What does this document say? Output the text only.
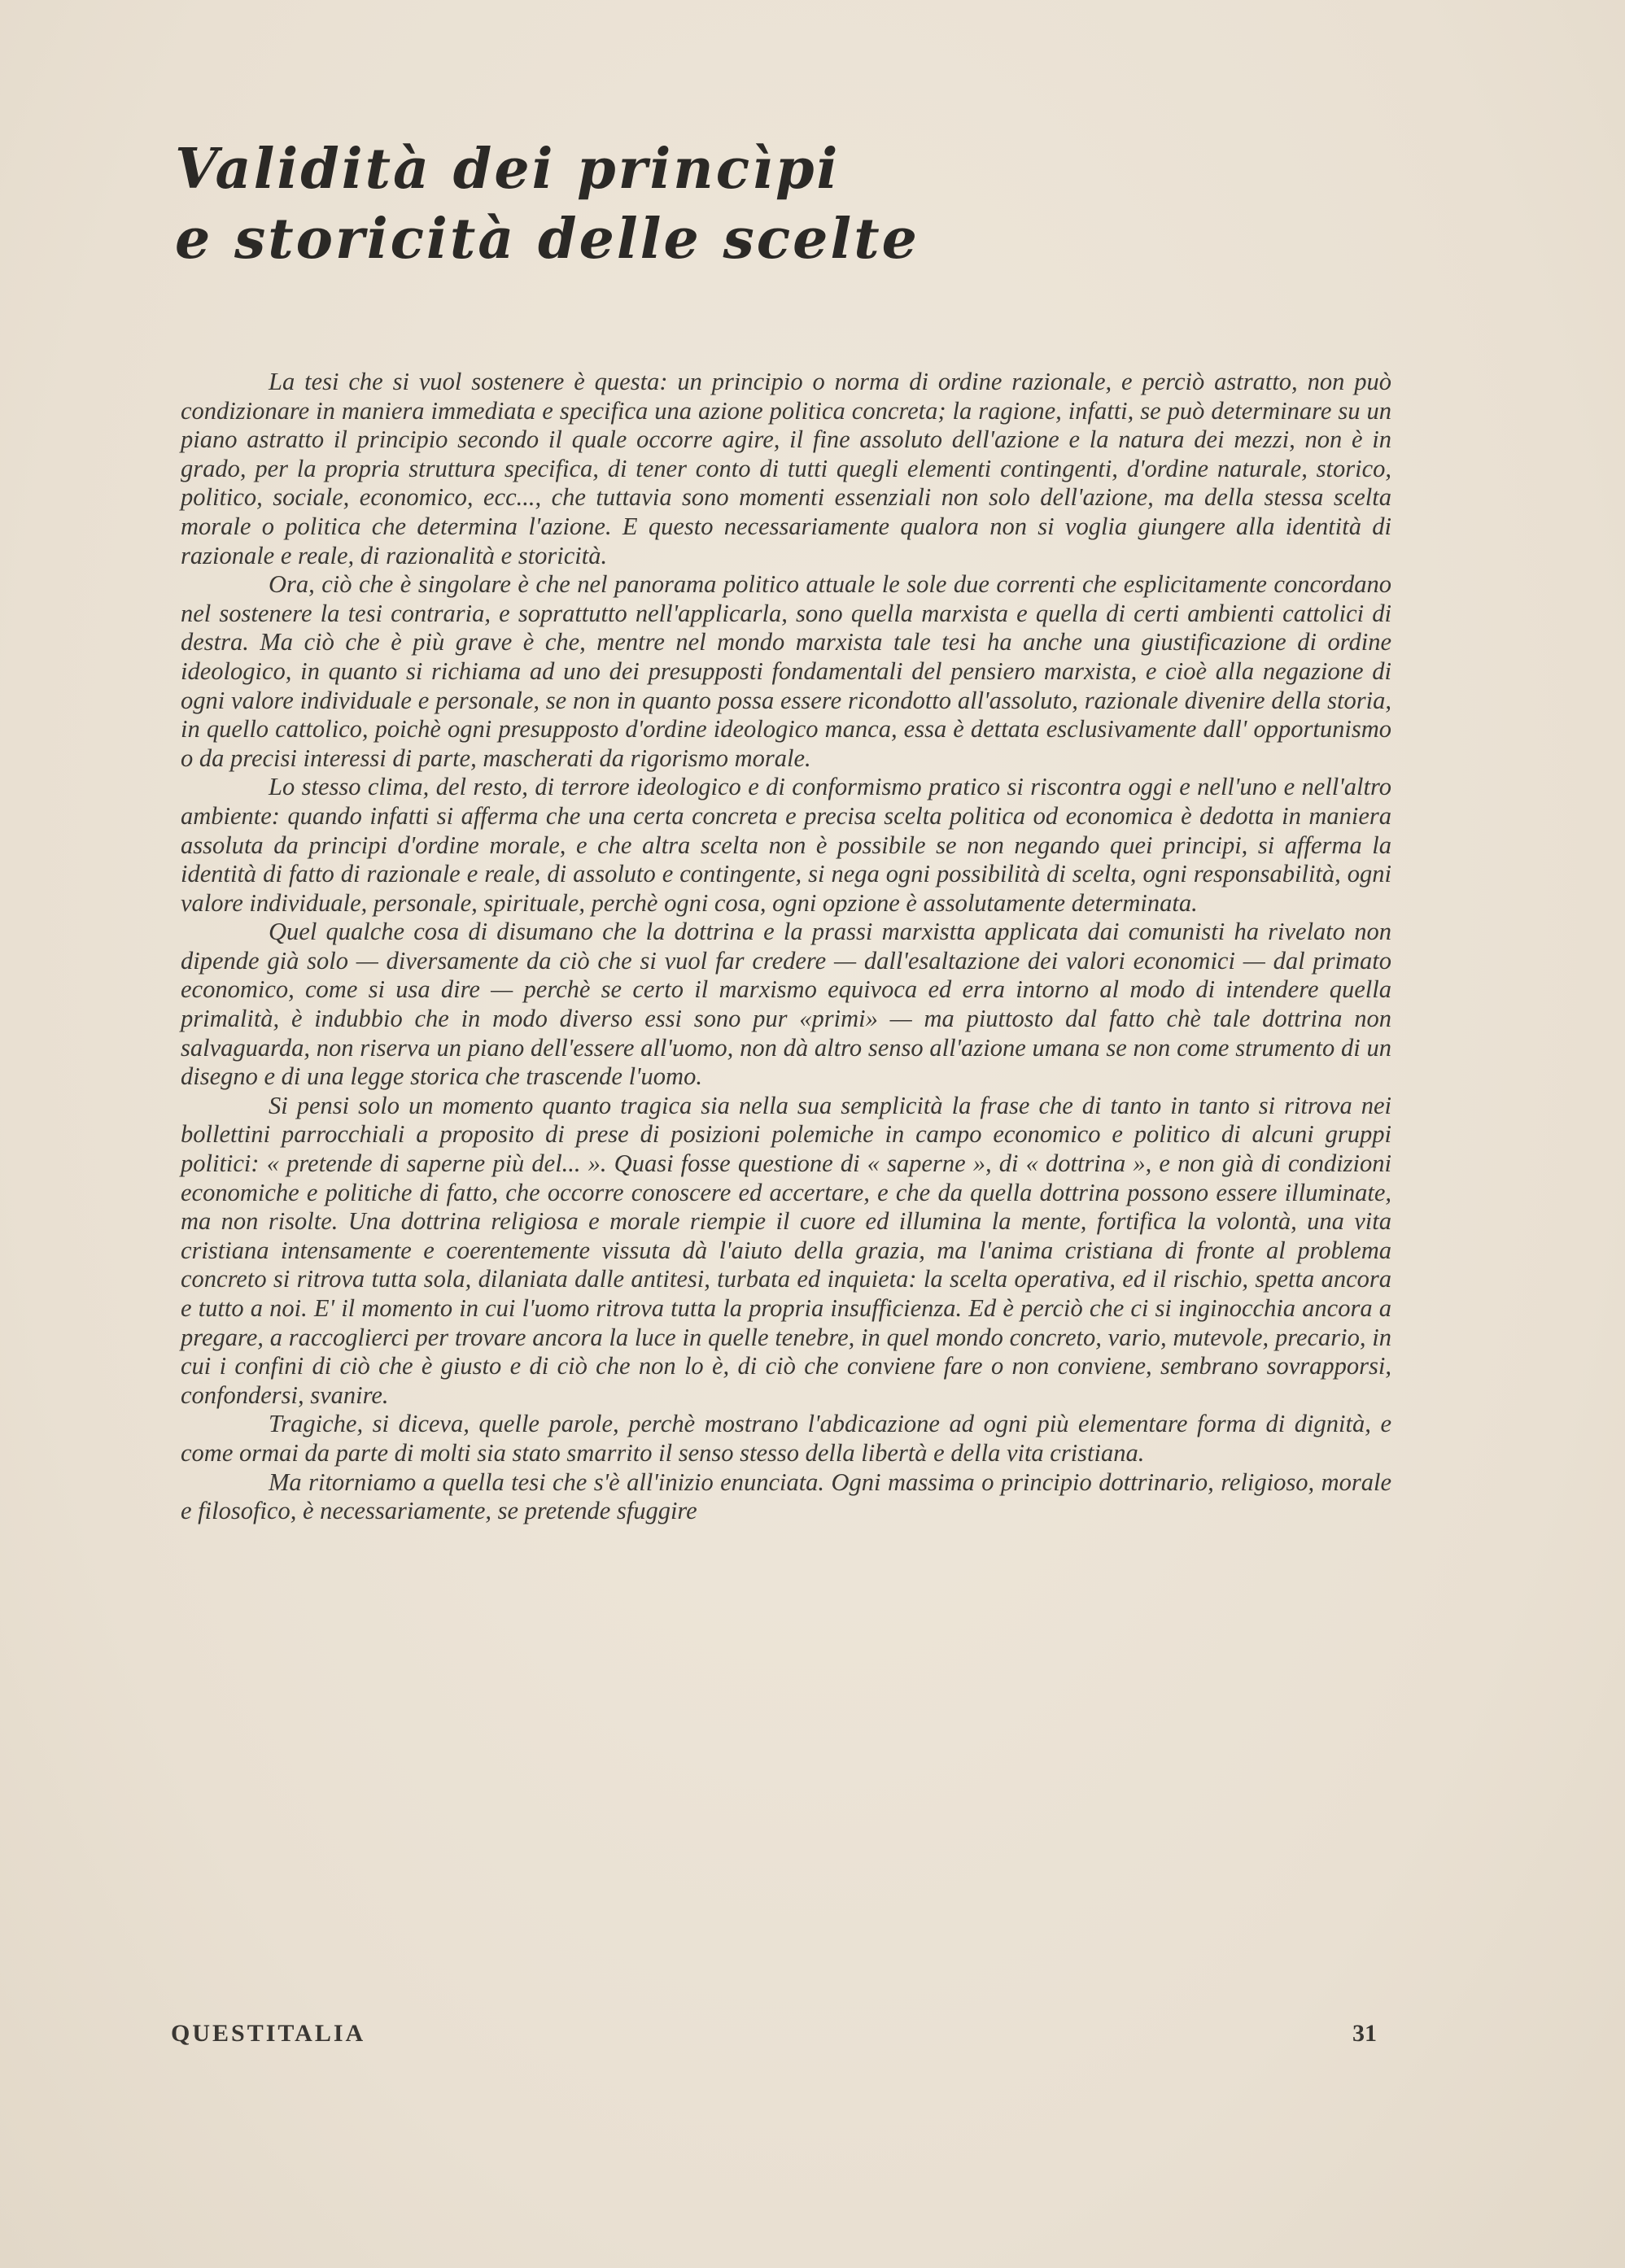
Validità dei princìpi
e storicità delle scelte

La tesi che si vuol sostenere è questa: un principio o norma di ordine razionale, e perciò astratto, non può condizionare in maniera immediata e specifica una azione politica concreta; la ragione, infatti, se può determinare su un piano astratto il principio secondo il quale occorre agire, il fine assoluto dell'azione e la natura dei mezzi, non è in grado, per la propria struttura specifica, di tener conto di tutti quegli elementi contingenti, d'ordine naturale, storico, politico, sociale, economico, ecc..., che tuttavia sono momenti essenziali non solo dell'azione, ma della stessa scelta morale o politica che determina l'azione. E questo necessariamente qualora non si voglia giungere alla identità di razionale e reale, di razionalità e storicità.

Ora, ciò che è singolare è che nel panorama politico attuale le sole due correnti che esplicitamente concordano nel sostenere la tesi contraria, e soprattutto nell'applicarla, sono quella marxista e quella di certi ambienti cattolici di destra. Ma ciò che è più grave è che, mentre nel mondo marxista tale tesi ha anche una giustificazione di ordine ideologico, in quanto si richiama ad uno dei presupposti fondamentali del pensiero marxista, e cioè alla negazione di ogni valore individuale e personale, se non in quanto possa essere ricondotto all'assoluto, razionale divenire della storia, in quello cattolico, poichè ogni presupposto d'ordine ideologico manca, essa è dettata esclusivamente dall' opportunismo o da precisi interessi di parte, mascherati da rigorismo morale.

Lo stesso clima, del resto, di terrore ideologico e di conformismo pratico si riscontra oggi e nell'uno e nell'altro ambiente: quando infatti si afferma che una certa concreta e precisa scelta politica od economica è dedotta in maniera assoluta da principi d'ordine morale, e che altra scelta non è possibile se non negando quei principi, si afferma la identità di fatto di razionale e reale, di assoluto e contingente, si nega ogni possibilità di scelta, ogni responsabilità, ogni valore individuale, personale, spirituale, perchè ogni cosa, ogni opzione è assolutamente determinata.

Quel qualche cosa di disumano che la dottrina e la prassi marxistta applicata dai comunisti ha rivelato non dipende già solo — diversamente da ciò che si vuol far credere — dall'esaltazione dei valori economici — dal primato economico, come si usa dire — perchè se certo il marxismo equivoca ed erra intorno al modo di intendere quella primalità, è indubbio che in modo diverso essi sono pur «primi» — ma piuttosto dal fatto chè tale dottrina non salvaguarda, non riserva un piano dell'essere all'uomo, non dà altro senso all'azione umana se non come strumento di un disegno e di una legge storica che trascende l'uomo.

Si pensi solo un momento quanto tragica sia nella sua semplicità la frase che di tanto in tanto si ritrova nei bollettini parrocchiali a proposito di prese di posizioni polemiche in campo economico e politico di alcuni gruppi politici: « pretende di saperne più del... ». Quasi fosse questione di « saperne », di « dottrina », e non già di condizioni economiche e politiche di fatto, che occorre conoscere ed accertare, e che da quella dottrina possono essere illuminate, ma non risolte. Una dottrina religiosa e morale riempie il cuore ed illumina la mente, fortifica la volontà, una vita cristiana intensamente e coerentemente vissuta dà l'aiuto della grazia, ma l'anima cristiana di fronte al problema concreto si ritrova tutta sola, dilaniata dalle antitesi, turbata ed inquieta: la scelta operativa, ed il rischio, spetta ancora e tutto a noi. E' il momento in cui l'uomo ritrova tutta la propria insufficienza. Ed è perciò che ci si inginocchia ancora a pregare, a raccoglierci per trovare ancora la luce in quelle tenebre, in quel mondo concreto, vario, mutevole, precario, in cui i confini di ciò che è giusto e di ciò che non lo è, di ciò che conviene fare o non conviene, sembrano sovrapporsi, confondersi, svanire.

Tragiche, si diceva, quelle parole, perchè mostrano l'abdicazione ad ogni più elementare forma di dignità, e come ormai da parte di molti sia stato smarrito il senso stesso della libertà e della vita cristiana.

Ma ritorniamo a quella tesi che s'è all'inizio enunciata. Ogni massima o principio dottrinario, religioso, morale e filosofico, è necessariamente, se pretende sfuggire

QUESTITALIA	31
